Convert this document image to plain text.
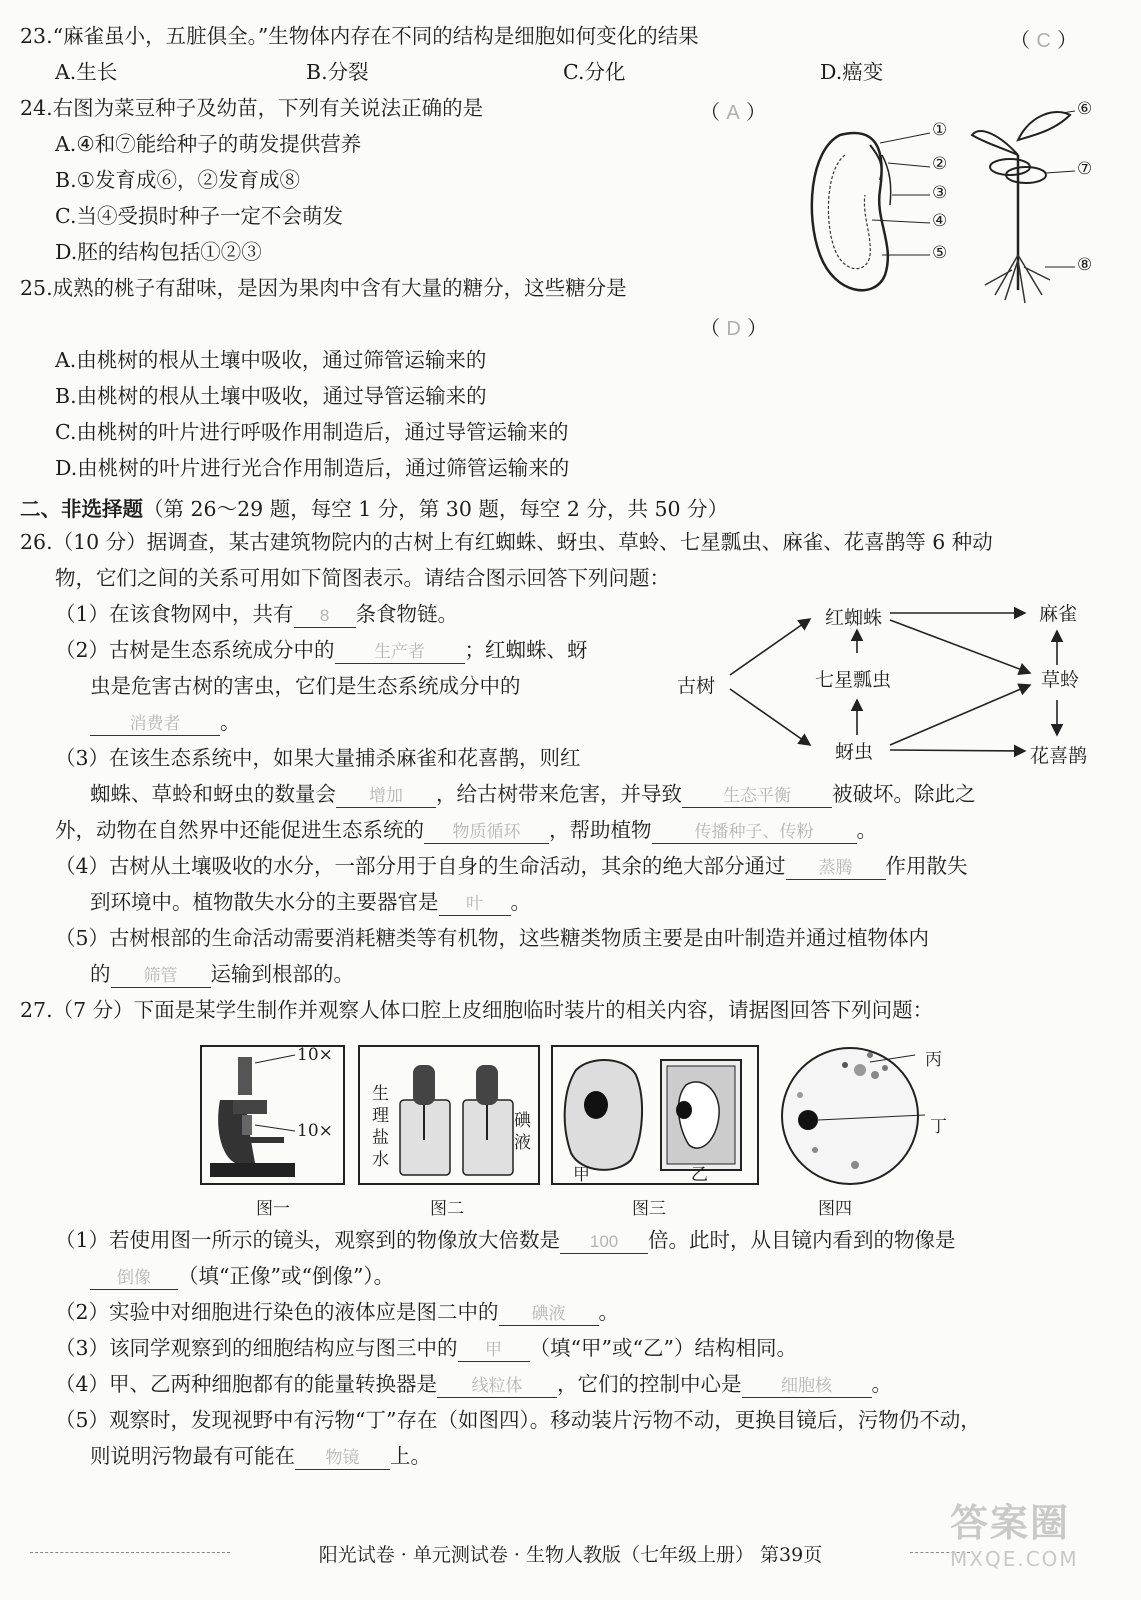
23.“麻雀虽小，五脏俱全。”生物体内存在不同的结构是细胞如何变化的结果	（ C ）
A.生长	B.分裂	C.分化	D.癌变
24.右图为菜豆种子及幼苗，下列有关说法正确的是	（ A ）
A.④和⑦能给种子的萌发提供营养
B.①发育成⑥，②发育成⑧
C.当④受损时种子一定不会萌发
D.胚的结构包括①②③
①
②
③
④
⑤
⑥
⑦
⑧
25.成熟的桃子有甜味，是因为果肉中含有大量的糖分，这些糖分是
（ D ）
A.由桃树的根从土壤中吸收，通过筛管运输来的
B.由桃树的根从土壤中吸收，通过导管运输来的
C.由桃树的叶片进行呼吸作用制造后，通过导管运输来的
D.由桃树的叶片进行光合作用制造后，通过筛管运输来的
二、非选择题（第 26～29 题，每空 1 分，第 30 题，每空 2 分，共 50 分）
26.（10 分）据调查，某古建筑物院内的古树上有红蜘蛛、蚜虫、草蛉、七星瓢虫、麻雀、花喜鹊等 6 种动
物，它们之间的关系可用如下简图表示。请结合图示回答下列问题：
（1）在该食物网中，共有 8 条食物链。
（2）古树是生态系统成分中的 生产者 ；红蜘蛛、蚜
虫是危害古树的害虫，它们是生态系统成分中的
消费者 。
（3）在该生态系统中，如果大量捕杀麻雀和花喜鹊，则红
蜘蛛、草蛉和蚜虫的数量会 增加 ，给古树带来危害，并导致 生态平衡 被破坏。除此之
外，动物在自然界中还能促进生态系统的 物质循环 ，帮助植物	传播种子、传粉 。
（4）古树从土壤吸收的水分，一部分用于自身的生命活动，其余的绝大部分通过 蒸腾 作用散失
到环境中。植物散失水分的主要器官是 叶 。
（5）古树根部的生命活动需要消耗糖类等有机物，这些糖类物质主要是由叶制造并通过植物体内
的 筛管 运输到根部的。
古树
红蜘蛛
七星瓢虫
蚜虫
麻雀
草蛉
花喜鹊
27.（7 分）下面是某学生制作并观察人体口腔上皮细胞临时装片的相关内容，请据图回答下列问题：
10×
10×
图一
生理盐水
碘液
图二
甲	乙
图三
丙
丁
图四
（1）若使用图一所示的镜头，观察到的物像放大倍数是 100 倍。此时，从目镜内看到的物像是
倒像 （填“正像”或“倒像”）。
（2）实验中对细胞进行染色的液体应是图二中的 碘液 。
（3）该同学观察到的细胞结构应与图三中的 甲 （填“甲”或“乙”）结构相同。
（4）甲、乙两种细胞都有的能量转换器是 线粒体 ，它们的控制中心是 细胞核 。
（5）观察时，发现视野中有污物“丁”存在（如图四）。移动装片污物不动，更换目镜后，污物仍不动，
则说明污物最有可能在 物镜 上。
阳光试卷 · 单元测试卷 · 生物人教版（七年级上册） 第39页
答案圈
MXQE.COM
